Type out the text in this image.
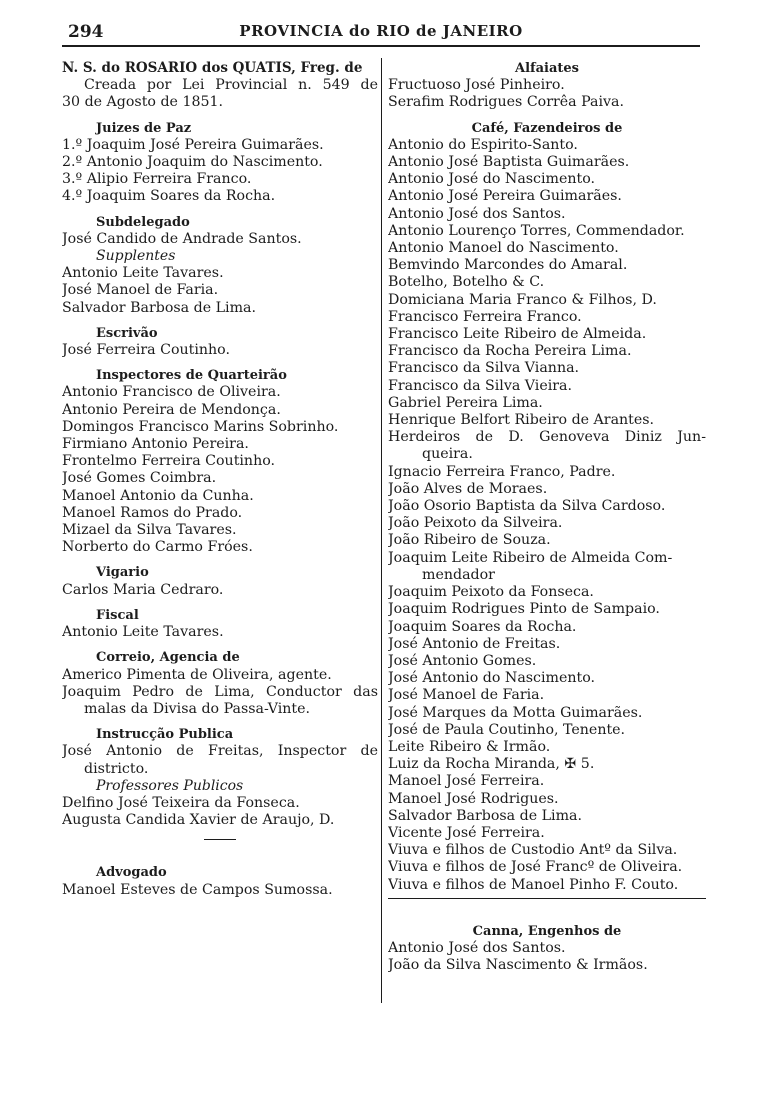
294	PROVINCIA do RIO de JANEIRO
N. S. do ROSARIO dos QUATIS, Freg. de
Creada por Lei Provincial n. 549 de
30 de Agosto de 1851.
Juizes de Paz
1.º Joaquim José Pereira Guimarães.
2.º Antonio Joaquim do Nascimento.
3.º Alipio Ferreira Franco.
4.º Joaquim Soares da Rocha.
Subdelegado
José Candido de Andrade Santos.
Supplentes
Antonio Leite Tavares.
José Manoel de Faria.
Salvador Barbosa de Lima.
Escrivão
José Ferreira Coutinho.
Inspectores de Quarteirão
Antonio Francisco de Oliveira.
Antonio Pereira de Mendonça.
Domingos Francisco Marins Sobrinho.
Firmiano Antonio Pereira.
Frontelmo Ferreira Coutinho.
José Gomes Coimbra.
Manoel Antonio da Cunha.
Manoel Ramos do Prado.
Mizael da Silva Tavares.
Norberto do Carmo Fróes.
Vigario
Carlos Maria Cedraro.
Fiscal
Antonio Leite Tavares.
Correio, Agencia de
Americo Pimenta de Oliveira, agente.
Joaquim Pedro de Lima, Conductor das
malas da Divisa do Passa-Vinte.
Instrucção Publica
José Antonio de Freitas, Inspector de
districto.
Professores Publicos
Delfino José Teixeira da Fonseca.
Augusta Candida Xavier de Araujo, D.
Advogado
Manoel Esteves de Campos Sumossa.
Alfaiates
Fructuoso José Pinheiro.
Serafim Rodrigues Corrêa Paiva.
Café, Fazendeiros de
Antonio do Espirito-Santo.
Antonio José Baptista Guimarães.
Antonio José do Nascimento.
Antonio José Pereira Guimarães.
Antonio José dos Santos.
Antonio Lourenço Torres, Commendador.
Antonio Manoel do Nascimento.
Bemvindo Marcondes do Amaral.
Botelho, Botelho & C.
Domiciana Maria Franco & Filhos, D.
Francisco Ferreira Franco.
Francisco Leite Ribeiro de Almeida.
Francisco da Rocha Pereira Lima.
Francisco da Silva Vianna.
Francisco da Silva Vieira.
Gabriel Pereira Lima.
Henrique Belfort Ribeiro de Arantes.
Herdeiros de D. Genoveva Diniz Jun-
queira.
Ignacio Ferreira Franco, Padre.
João Alves de Moraes.
João Osorio Baptista da Silva Cardoso.
João Peixoto da Silveira.
João Ribeiro de Souza.
Joaquim Leite Ribeiro de Almeida Com-
mendador
Joaquim Peixoto da Fonseca.
Joaquim Rodrigues Pinto de Sampaio.
Joaquim Soares da Rocha.
José Antonio de Freitas.
José Antonio Gomes.
José Antonio do Nascimento.
José Manoel de Faria.
José Marques da Motta Guimarães.
José de Paula Coutinho, Tenente.
Leite Ribeiro & Irmão.
Luiz da Rocha Miranda, ✠ 5.
Manoel José Ferreira.
Manoel José Rodrigues.
Salvador Barbosa de Lima.
Vicente José Ferreira.
Viuva e filhos de Custodio Antº da Silva.
Viuva e filhos de José Francº de Oliveira.
Viuva e filhos de Manoel Pinho F. Couto.
Canna, Engenhos de
Antonio José dos Santos.
João da Silva Nascimento & Irmãos.
